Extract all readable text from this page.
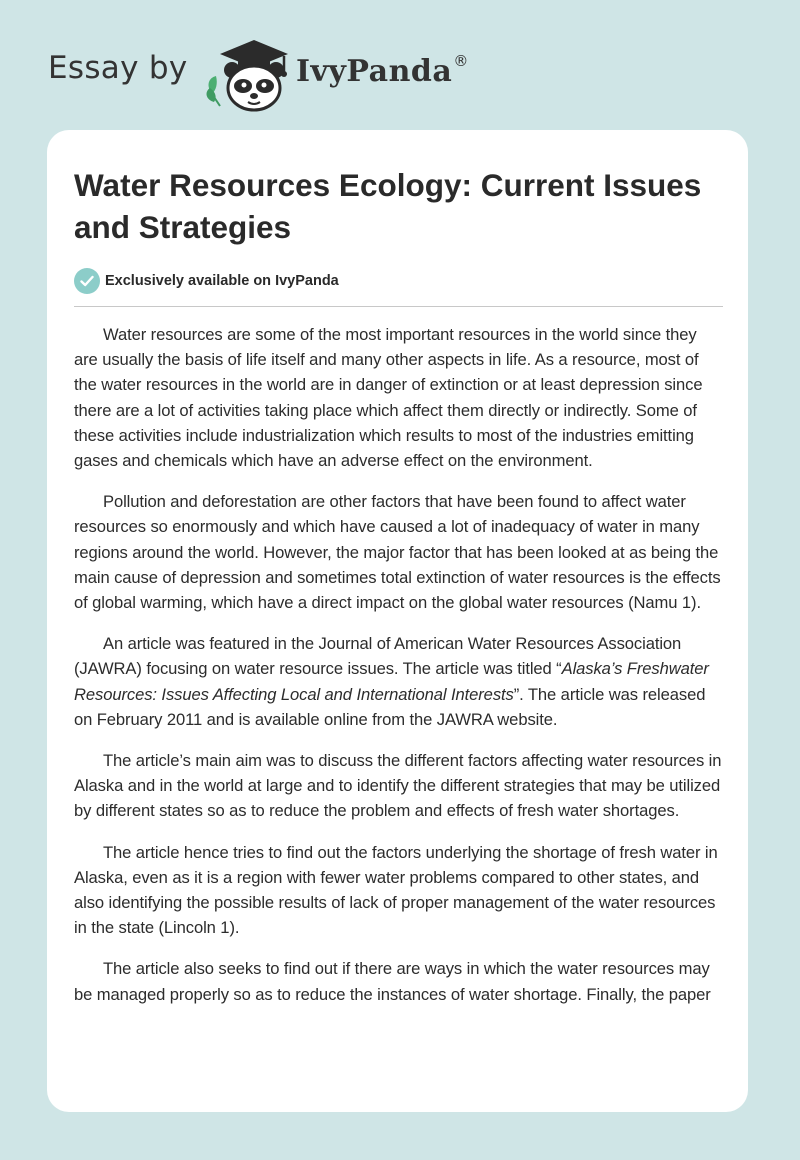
Essay by	IvyPanda®
Water Resources Ecology: Current Issues and Strategies
Exclusively available on IvyPanda

Water resources are some of the most important resources in the world since they are usually the basis of life itself and many other aspects in life. As a resource, most of the water resources in the world are in danger of extinction or at least depression since there are a lot of activities taking place which affect them directly or indirectly. Some of these activities include industrialization which results to most of the industries emitting gases and chemicals which have an adverse effect on the environment.

Pollution and deforestation are other factors that have been found to affect water resources so enormously and which have caused a lot of inadequacy of water in many regions around the world. However, the major factor that has been looked at as being the main cause of depression and sometimes total extinction of water resources is the effects of global warming, which have a direct impact on the global water resources (Namu 1).

An article was featured in the Journal of American Water Resources Association (JAWRA) focusing on water resource issues. The article was titled “Alaska’s Freshwater Resources: Issues Affecting Local and International Interests”. The article was released on February 2011 and is available online from the JAWRA website.

The article’s main aim was to discuss the different factors affecting water resources in Alaska and in the world at large and to identify the different strategies that may be utilized by different states so as to reduce the problem and effects of fresh water shortages.

The article hence tries to find out the factors underlying the shortage of fresh water in Alaska, even as it is a region with fewer water problems compared to other states, and also identifying the possible results of lack of proper management of the water resources in the state (Lincoln 1).

The article also seeks to find out if there are ways in which the water resources may be managed properly so as to reduce the instances of water shortage. Finally, the paper
